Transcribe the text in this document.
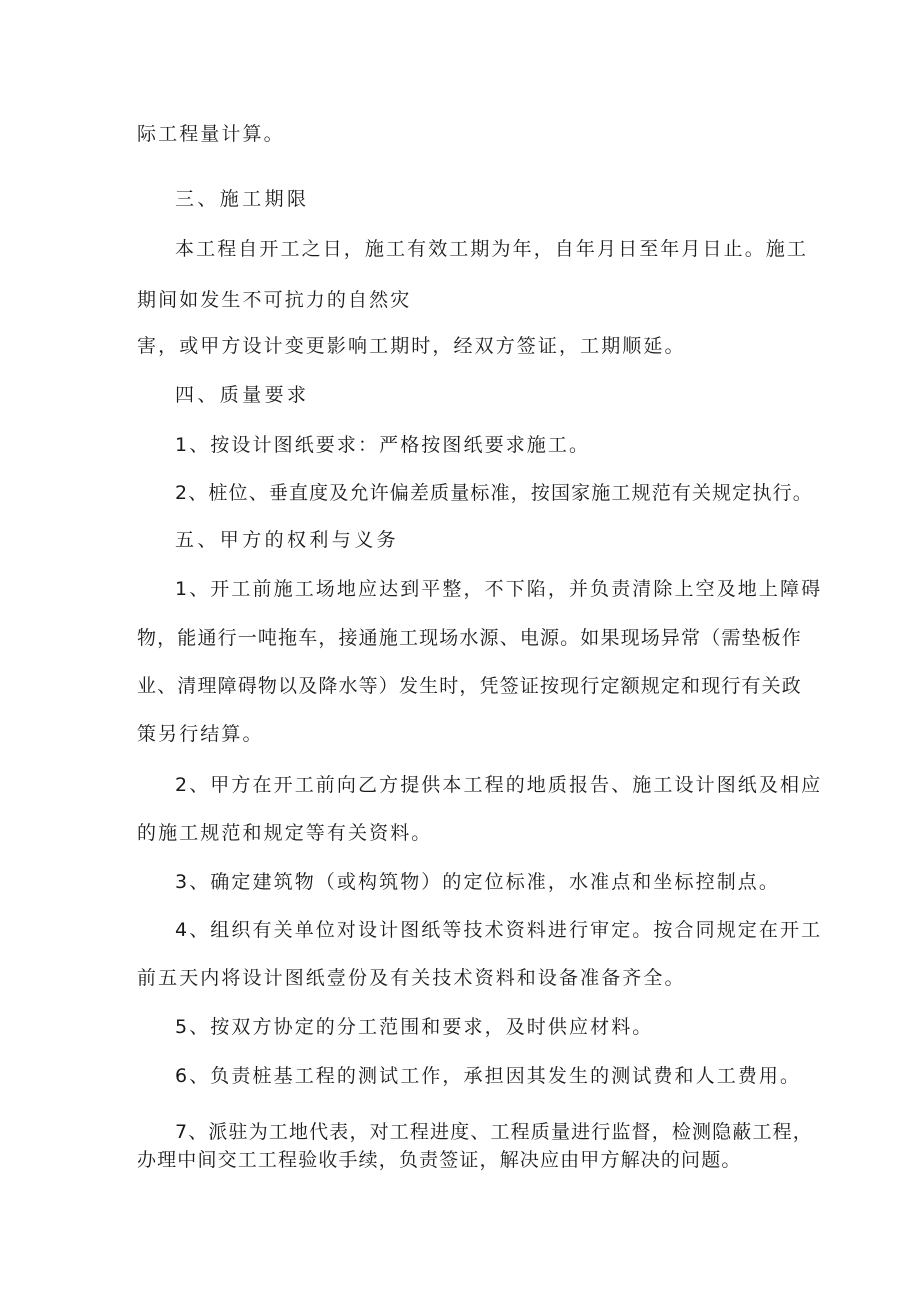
际工程量计算。
三、施工期限
本工程自开工之日，施工有效工期为年，自年月日至年月日止。施工
期间如发生不可抗力的自然灾
害，或甲方设计变更影响工期时，经双方签证，工期顺延。
四、质量要求
1、按设计图纸要求：严格按图纸要求施工。
2、桩位、垂直度及允许偏差质量标准，按国家施工规范有关规定执行。
五、甲方的权利与义务
1、开工前施工场地应达到平整，不下陷，并负责清除上空及地上障碍
物，能通行一吨拖车，接通施工现场水源、电源。如果现场异常（需垫板作
业、清理障碍物以及降水等）发生时，凭签证按现行定额规定和现行有关政
策另行结算。
2、甲方在开工前向乙方提供本工程的地质报告、施工设计图纸及相应
的施工规范和规定等有关资料。
3、确定建筑物（或构筑物）的定位标准，水准点和坐标控制点。
4、组织有关单位对设计图纸等技术资料进行审定。按合同规定在开工
前五天内将设计图纸壹份及有关技术资料和设备准备齐全。
5、按双方协定的分工范围和要求，及时供应材料。
6、负责桩基工程的测试工作，承担因其发生的测试费和人工费用。
7、派驻为工地代表，对工程进度、工程质量进行监督，检测隐蔽工程，
办理中间交工工程验收手续，负责签证，解决应由甲方解决的问题。
